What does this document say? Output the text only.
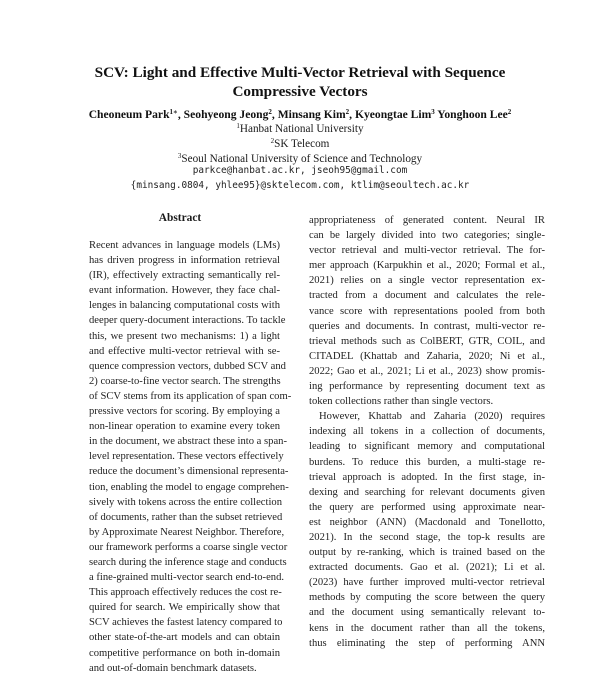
SCV: Light and Effective Multi-Vector Retrieval with Sequence
Compressive Vectors
Cheoneum Park$^{1∗}$, Seohyeong Jeong$^2$, Minsang Kim$^2$, Kyeongtae Lim$^3$ Yonghoon Lee$^2$
$^1$Hanbat National University
$^2$SK Telecom
$^3$Seoul National University of Science and Technology
parkce@hanbat.ac.kr, jseoh95@gmail.com
{minsang.0804, yhlee95}@sktelecom.com, ktlim@seoultech.ac.kr
Abstract
Recent advances in language models (LMs)
has driven progress in information retrieval
(IR), effectively extracting semantically rel-
evant information. However, they face chal-
lenges in balancing computational costs with
deeper query-document interactions. To tackle
this, we present two mechanisms: 1) a light
and effective multi-vector retrieval with se-
quence compression vectors, dubbed SCV and
2) coarse-to-fine vector search. The strengths
of SCV stems from its application of span com-
pressive vectors for scoring. By employing a
non-linear operation to examine every token
in the document, we abstract these into a span-
level representation. These vectors effectively
reduce the document’s dimensional representa-
tion, enabling the model to engage comprehen-
sively with tokens across the entire collection
of documents, rather than the subset retrieved
by Approximate Nearest Neighbor. Therefore,
our framework performs a coarse single vector
search during the inference stage and conducts
a fine-grained multi-vector search end-to-end.
This approach effectively reduces the cost re-
quired for search. We empirically show that
SCV achieves the fastest latency compared to
other state-of-the-art models and can obtain
competitive performance on both in-domain
and out-of-domain benchmark datasets.
appropriateness of generated content. Neural IR
can be largely divided into two categories; single-
vector retrieval and multi-vector retrieval. The for-
mer approach (Karpukhin et al., 2020; Formal et al.,
2021) relies on a single vector representation ex-
tracted from a document and calculates the rele-
vance score with representations pooled from both
queries and documents. In contrast, multi-vector re-
trieval methods such as ColBERT, GTR, COIL, and
CITADEL (Khattab and Zaharia, 2020; Ni et al.,
2022; Gao et al., 2021; Li et al., 2023) show promis-
ing performance by representing document text as
token collections rather than single vectors.
However, Khattab and Zaharia (2020) requires
indexing all tokens in a collection of documents,
leading to significant memory and computational
burdens. To reduce this burden, a multi-stage re-
trieval approach is adopted. In the first stage, in-
dexing and searching for relevant documents given
the query are performed using approximate near-
est neighbor (ANN) (Macdonald and Tonellotto,
2021). In the second stage, the top-k results are
output by re-ranking, which is trained based on the
extracted documents. Gao et al. (2021); Li et al.
(2023) have further improved multi-vector retrieval
methods by computing the score between the query
and the document using semantically relevant to-
kens in the document rather than all the tokens,
thus eliminating the step of performing ANN
